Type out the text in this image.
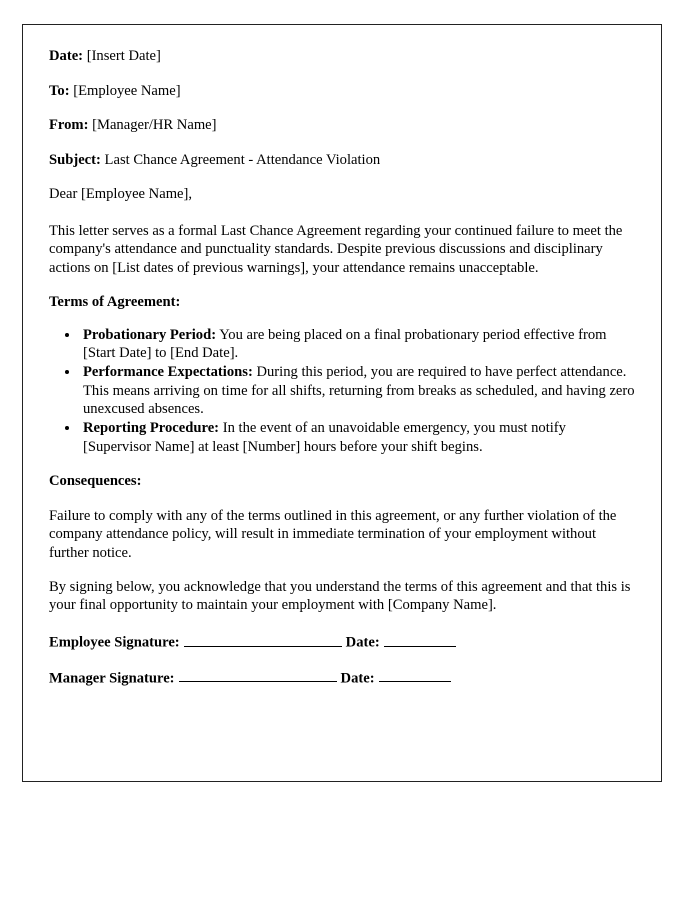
Date: [Insert Date]

To: [Employee Name]

From: [Manager/HR Name]

Subject: Last Chance Agreement - Attendance Violation

Dear [Employee Name],

This letter serves as a formal Last Chance Agreement regarding your continued failure to meet the company's attendance and punctuality standards. Despite previous discussions and disciplinary actions on [List dates of previous warnings], your attendance remains unacceptable.

Terms of Agreement:

• Probationary Period: You are being placed on a final probationary period effective from [Start Date] to [End Date].
• Performance Expectations: During this period, you are required to have perfect attendance. This means arriving on time for all shifts, returning from breaks as scheduled, and having zero unexcused absences.
• Reporting Procedure: In the event of an unavoidable emergency, you must notify [Supervisor Name] at least [Number] hours before your shift begins.

Consequences:

Failure to comply with any of the terms outlined in this agreement, or any further violation of the company attendance policy, will result in immediate termination of your employment without further notice.

By signing below, you acknowledge that you understand the terms of this agreement and that this is your final opportunity to maintain your employment with [Company Name].

Employee Signature:	Date:

Manager Signature:	Date:
